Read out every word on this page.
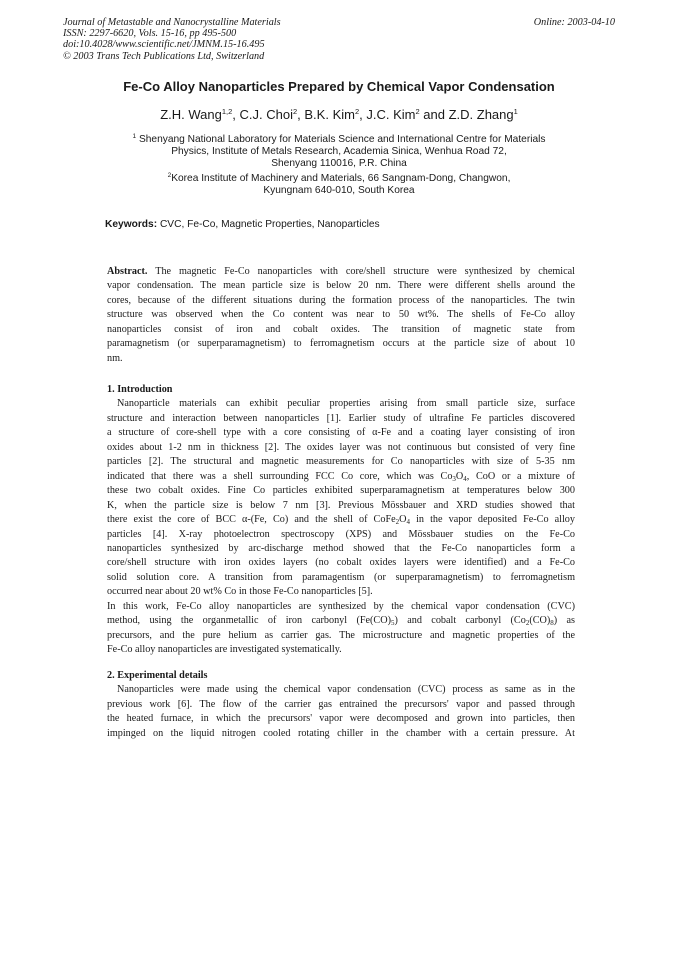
Journal of Metastable and Nanocrystalline Materials
ISSN: 2297-6620, Vols. 15-16, pp 495-500
doi:10.4028/www.scientific.net/JMNM.15-16.495
© 2003 Trans Tech Publications Ltd, Switzerland
Online: 2003-04-10
Fe-Co Alloy Nanoparticles Prepared by Chemical Vapor Condensation
Z.H. Wang$^{1,2}$, C.J. Choi$^2$, B.K. Kim$^2$, J.C. Kim$^2$ and Z.D. Zhang$^1$
$^1$ Shenyang National Laboratory for Materials Science and International Centre for Materials
Physics, Institute of Metals Research, Academia Sinica, Wenhua Road 72,
Shenyang 110016, P.R. China
$^2$Korea Institute of Machinery and Materials, 66 Sangnam-Dong, Changwon,
Kyungnam 640-010, South Korea
Keywords: CVC, Fe-Co, Magnetic Properties, Nanoparticles
Abstract. The magnetic Fe-Co nanoparticles with core/shell structure were synthesized by chemical
vapor condensation. The mean particle size is below 20 nm. There were different shells around the
cores, because of the different situations during the formation process of the nanoparticles. The twin
structure was observed when the Co content was near to 50 wt%. The shells of Fe-Co alloy
nanoparticles consist of iron and cobalt oxides. The transition of magnetic state from
paramagnetism (or superparamagnetism) to ferromagnetism occurs at the particle size of about 10
nm.
1. Introduction
Nanoparticle materials can exhibit peculiar properties arising from small particle size, surface
structure and interaction between nanoparticles [1]. Earlier study of ultrafine Fe particles discovered
a structure of core-shell type with a core consisting of α-Fe and a coating layer consisting of iron
oxides about 1-2 nm in thickness [2]. The oxides layer was not continuous but consisted of very fine
particles [2]. The structural and magnetic measurements for Co nanoparticles with size of 5-35 nm
indicated that there was a shell surrounding FCC Co core, which was $Co_3O_4$, CoO or a mixture of
these two cobalt oxides. Fine Co particles exhibited superparamagnetism at temperatures below 300
K, when the particle size is below 7 nm [3]. Previous Mössbauer and XRD studies showed that
there exist the core of BCC α-(Fe, Co) and the shell of $CoFe_2O_4$ in the vapor deposited Fe-Co alloy
particles [4]. X-ray photoelectron spectroscopy (XPS) and Mössbauer studies on the Fe-Co
nanoparticles synthesized by arc-discharge method showed that the Fe-Co nanoparticles form a
core/shell structure with iron oxides layers (no cobalt oxides layers were identified) and a Fe-Co
solid solution core. A transition from paramagentism (or superparamagnetism) to ferromagnetism
occurred near about 20 wt% Co in those Fe-Co nanoparticles [5].
In this work, Fe-Co alloy nanoparticles are synthesized by the chemical vapor condensation (CVC)
method, using the organmetallic of iron carbonyl $(Fe(CO)_5)$ and cobalt carbonyl $(Co_2(CO)_8)$ as
precursors, and the pure helium as carrier gas. The microstructure and magnetic properties of the
Fe-Co alloy nanoparticles are investigated systematically.
2. Experimental details
Nanoparticles were made using the chemical vapor condensation (CVC) process as same as in the
previous work [6]. The flow of the carrier gas entrained the precursors' vapor and passed through
the heated furnace, in which the precursors' vapor were decomposed and grown into particles, then
impinged on the liquid nitrogen cooled rotating chiller in the chamber with a certain pressure. At
